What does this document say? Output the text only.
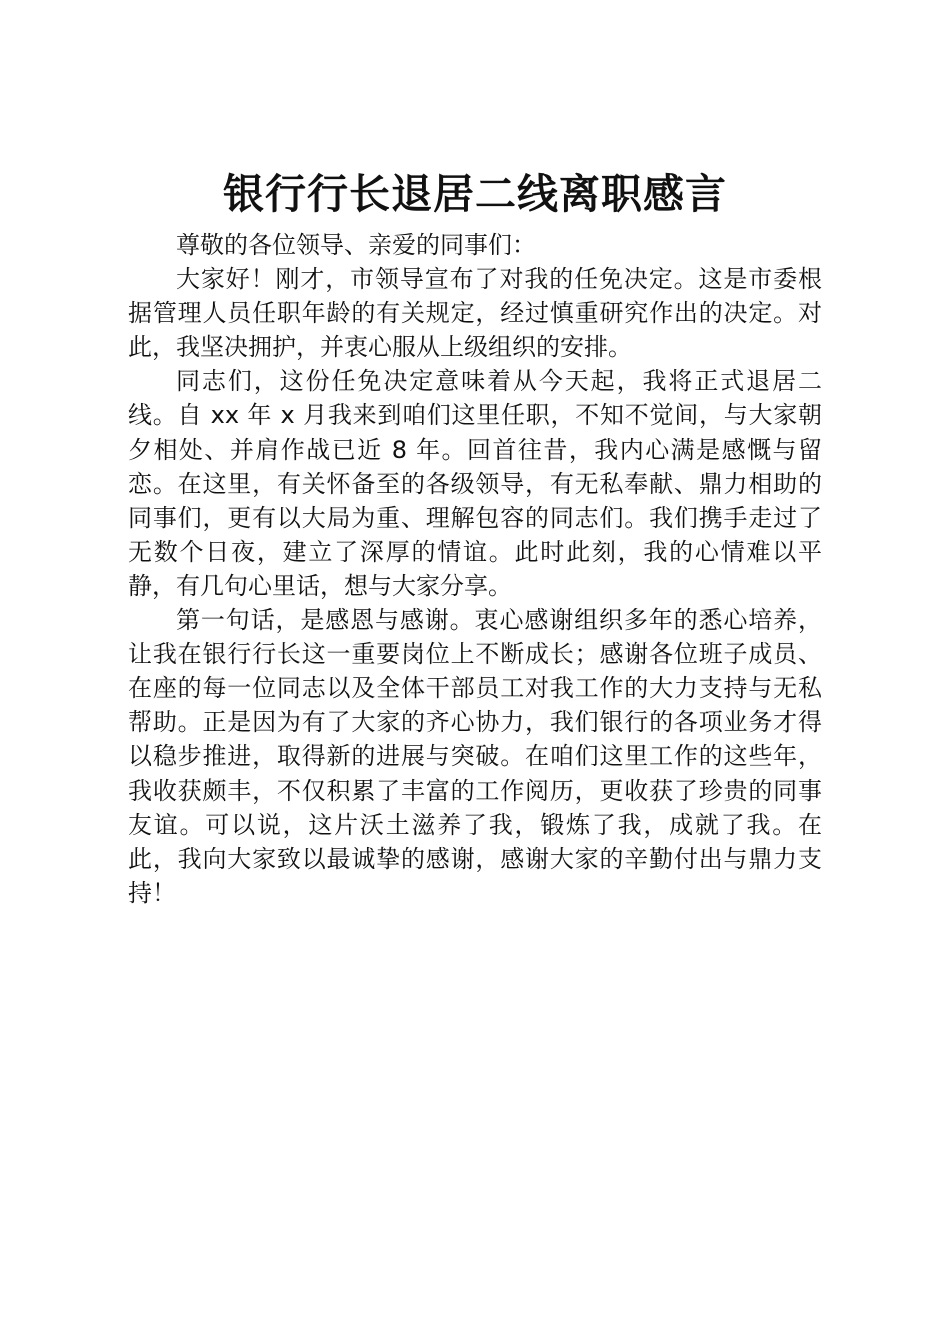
银行行长退居二线离职感言

尊敬的各位领导、亲爱的同事们：

大家好！刚才，市领导宣布了对我的任免决定。这是市委根据管理人员任职年龄的有关规定，经过慎重研究作出的决定。对此，我坚决拥护，并衷心服从上级组织的安排。

同志们，这份任免决定意味着从今天起，我将正式退居二线。自 xx 年 x 月我来到咱们这里任职，不知不觉间，与大家朝夕相处、并肩作战已近 8 年。回首往昔，我内心满是感慨与留恋。在这里，有关怀备至的各级领导，有无私奉献、鼎力相助的同事们，更有以大局为重、理解包容的同志们。我们携手走过了无数个日夜，建立了深厚的情谊。此时此刻，我的心情难以平静，有几句心里话，想与大家分享。

第一句话，是感恩与感谢。衷心感谢组织多年的悉心培养，让我在银行行长这一重要岗位上不断成长；感谢各位班子成员、在座的每一位同志以及全体干部员工对我工作的大力支持与无私帮助。正是因为有了大家的齐心协力，我们银行的各项业务才得以稳步推进，取得新的进展与突破。在咱们这里工作的这些年，我收获颇丰，不仅积累了丰富的工作阅历，更收获了珍贵的同事友谊。可以说，这片沃土滋养了我，锻炼了我，成就了我。在此，我向大家致以最诚挚的感谢，感谢大家的辛勤付出与鼎力支持！
